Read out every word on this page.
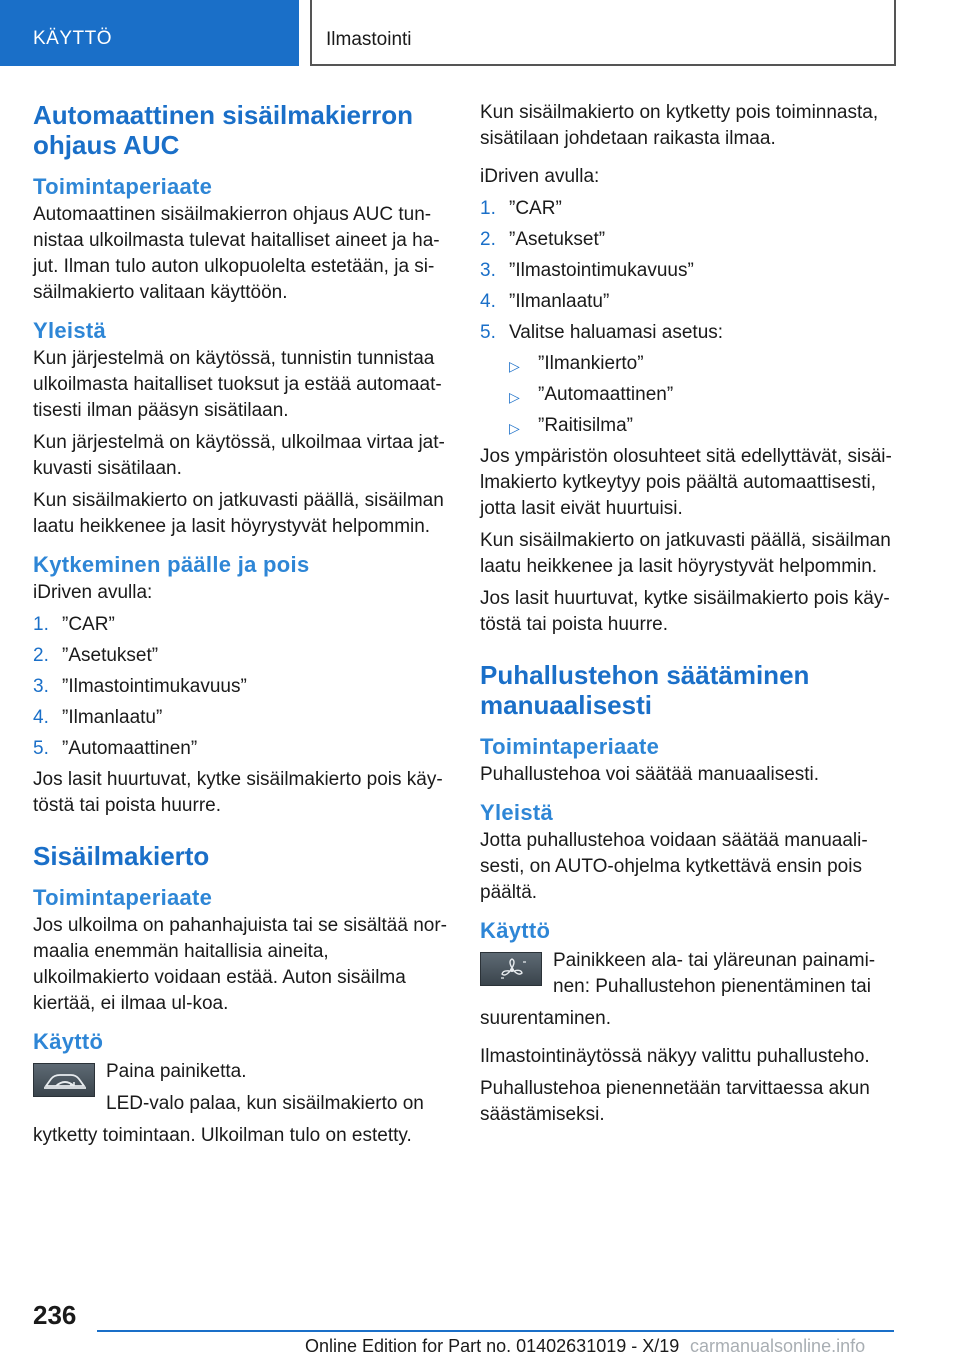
KÄYTTÖ	Ilmastointi
Automaattinen sisäilmakierron ohjaus AUC
Toimintaperiaate
Automaattinen sisäilmakierron ohjaus AUC tun-nistaa ulkoilmasta tulevat haitalliset aineet ja ha-jut. Ilman tulo auton ulkopuolelta estetään, ja si-säilmakierto valitaan käyttöön.
Yleistä
Kun järjestelmä on käytössä, tunnistin tunnistaa ulkoilmasta haitalliset tuoksut ja estää automaat-tisesti ilman pääsyn sisätilaan.
Kun järjestelmä on käytössä, ulkoilmaa virtaa jat-kuvasti sisätilaan.
Kun sisäilmakierto on jatkuvasti päällä, sisäilman laatu heikkenee ja lasit höyrystyvät helpommin.
Kytkeminen päälle ja pois
iDriven avulla:
1. ”CAR”
2. ”Asetukset”
3. ”Ilmastointimukavuus”
4. ”Ilmanlaatu”
5. ”Automaattinen”
Jos lasit huurtuvat, kytke sisäilmakierto pois käy-töstä tai poista huurre.
Sisäilmakierto
Toimintaperiaate
Jos ulkoilma on pahanhajuista tai se sisältää nor-maalia enemmän haitallisia aineita, ulkoilmakierto voidaan estää. Auton sisäilma kiertää, ei ilmaa ul-koa.
Käyttö
Paina painiketta.
LED-valo palaa, kun sisäilmakierto on
kytketty toimintaan. Ulkoilman tulo on estetty.
Kun sisäilmakierto on kytketty pois toiminnasta, sisätilaan johdetaan raikasta ilmaa.
iDriven avulla:
1. ”CAR”
2. ”Asetukset”
3. ”Ilmastointimukavuus”
4. ”Ilmanlaatu”
5. Valitse haluamasi asetus:
▷ ”Ilmankierto”
▷ ”Automaattinen”
▷ ”Raitisilma”
Jos ympäristön olosuhteet sitä edellyttävät, sisäi-lmakierto kytkeytyy pois päältä automaattisesti, jotta lasit eivät huurtuisi.
Kun sisäilmakierto on jatkuvasti päällä, sisäilman laatu heikkenee ja lasit höyrystyvät helpommin.
Jos lasit huurtuvat, kytke sisäilmakierto pois käy-töstä tai poista huurre.
Puhallustehon säätäminen manuaalisesti
Toimintaperiaate
Puhallustehoa voi säätää manuaalisesti.
Yleistä
Jotta puhallustehoa voidaan säätää manuaali-sesti, on AUTO-ohjelma kytkettävä ensin pois päältä.
Käyttö
Painikkeen ala- tai yläreunan painami-nen: Puhallustehon pienentäminen tai
suurentaminen.
Ilmastointinäytössä näkyy valittu puhallusteho.
Puhallustehoa pienennetään tarvittaessa akun säästämiseksi.
236
Online Edition for Part no. 01402631019 - X/19 carmanualsonline.info
